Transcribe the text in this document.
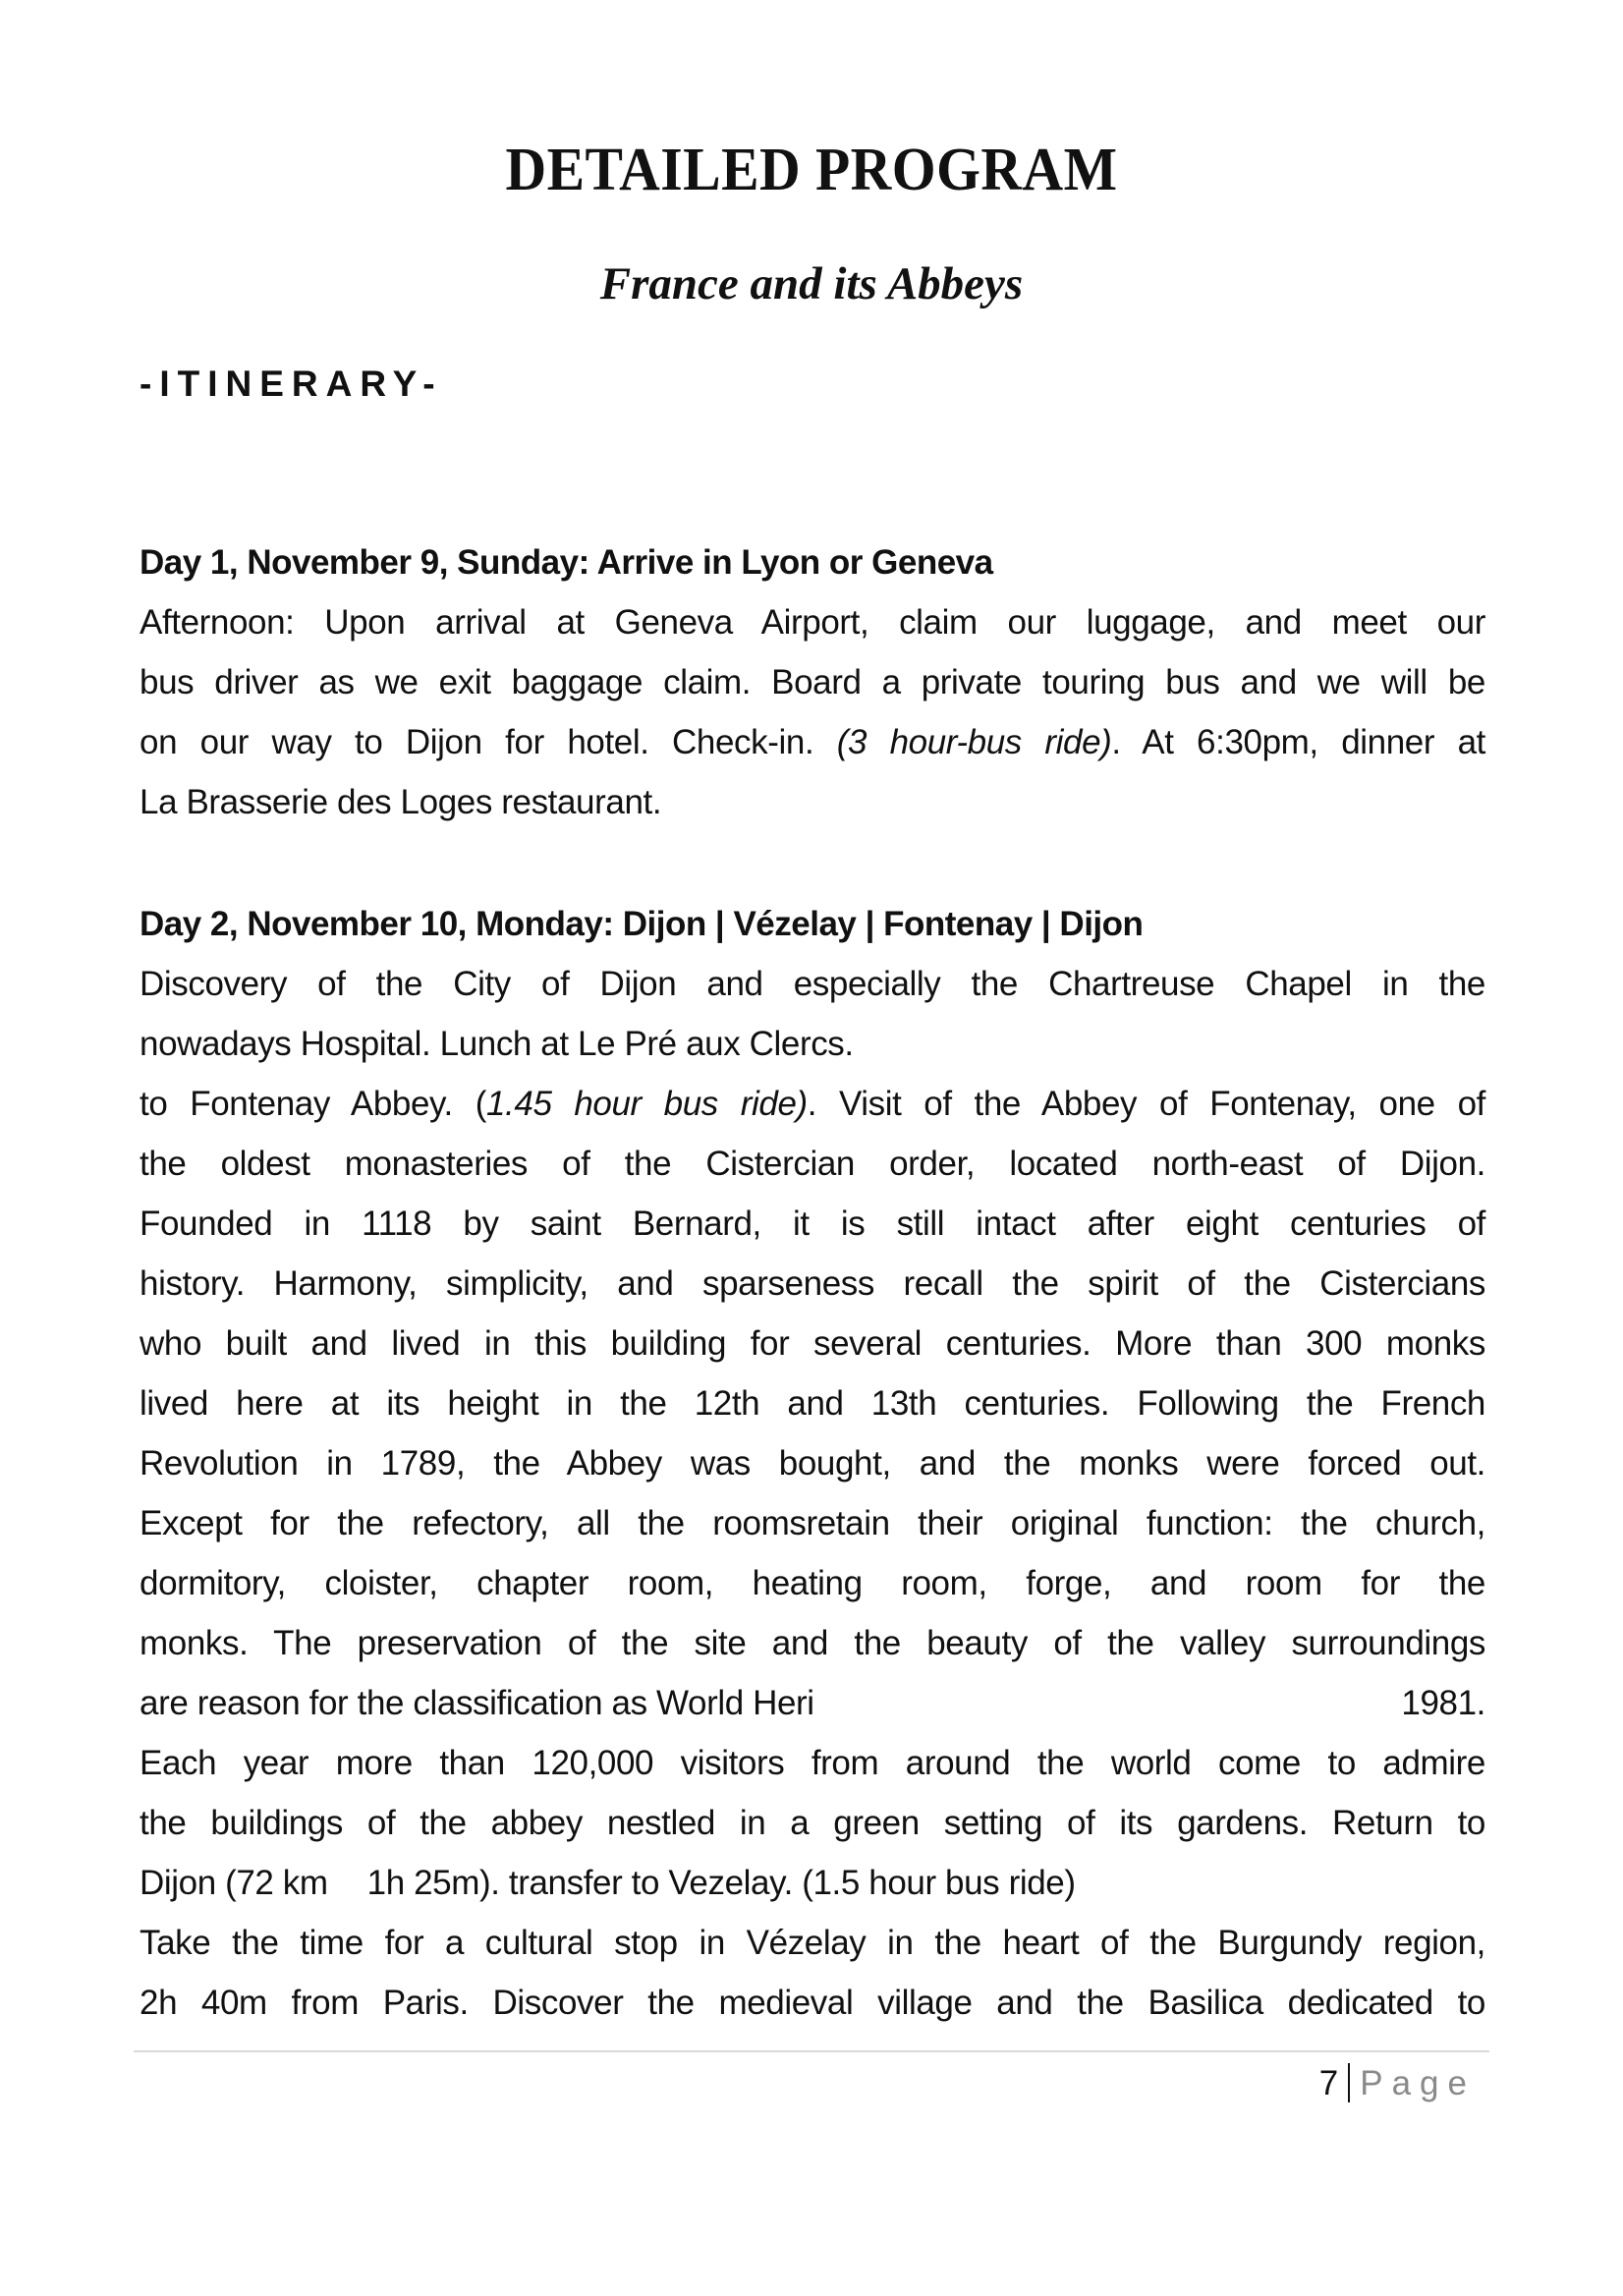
DETAILED PROGRAM
France and its Abbeys
-ITINERARY-
Day 1, November 9, Sunday: Arrive in Lyon or Geneva
Afternoon: Upon arrival at Geneva Airport, claim our luggage, and meet our
bus driver as we exit baggage claim. Board a private touring bus and we will be
on our way to Dijon for hotel. Check-in. (3 hour-bus ride). At 6:30pm, dinner at
La Brasserie des Loges restaurant.
Day 2, November 10, Monday: Dijon | Vézelay | Fontenay | Dijon
Discovery of the City of Dijon and especially the Chartreuse Chapel in the
nowadays Hospital. Lunch at Le Pré aux Clercs.
to Fontenay Abbey. (1.45 hour bus ride). Visit of the Abbey of Fontenay, one of
the oldest monasteries of the Cistercian order, located north-east of Dijon.
Founded in 1118 by saint Bernard, it is still intact after eight centuries of
history. Harmony, simplicity, and sparseness recall the spirit of the Cistercians
who built and lived in this building for several centuries. More than 300 monks
lived here at its height in the 12th and 13th centuries. Following the French
Revolution in 1789, the Abbey was bought, and the monks were forced out.
Except for the refectory, all the roomsretain their original function: the church,
dormitory, cloister, chapter room, heating room, forge, and room for the
monks. The preservation of the site and the beauty of the valley surroundings
are reason for the classification as World Heri	1981.
Each year more than 120,000 visitors from around the world come to admire
the buildings of the abbey nestled in a green setting of its gardens. Return to
Dijon (72 km 1h 25m). transfer to Vezelay. (1.5 hour bus ride)
Take the time for a cultural stop in Vézelay in the heart of the Burgundy region,
2h 40m from Paris. Discover the medieval village and the Basilica dedicated to
7 Page
